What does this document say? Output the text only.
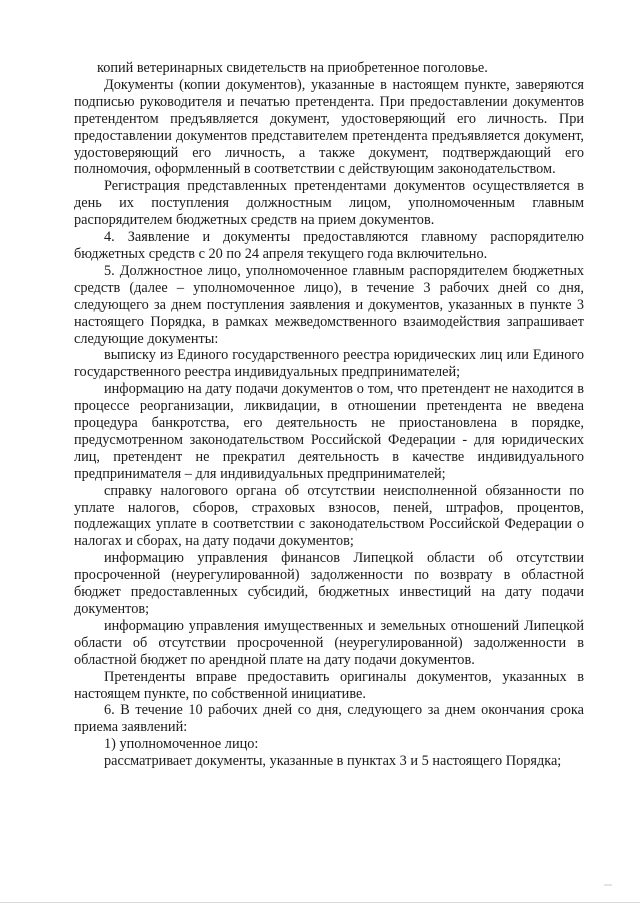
копий ветеринарных свидетельств на приобретенное поголовье.

Документы (копии документов), указанные в настоящем пункте, заверяются подписью руководителя и печатью претендента. При предоставлении документов претендентом предъявляется документ, удостоверяющий его личность. При предоставлении документов представителем претендента предъявляется документ, удостоверяющий его личность, а также документ, подтверждающий его полномочия, оформленный в соответствии с действующим законодательством.

Регистрация представленных претендентами документов осуществляется в день их поступления должностным лицом, уполномоченным главным распорядителем бюджетных средств на прием документов.

4. Заявление и документы предоставляются главному распорядителю бюджетных средств с 20 по 24 апреля текущего года включительно.

5. Должностное лицо, уполномоченное главным распорядителем бюджетных средств (далее – уполномоченное лицо), в течение 3 рабочих дней со дня, следующего за днем поступления заявления и документов, указанных в пункте 3 настоящего Порядка, в рамках межведомственного взаимодействия запрашивает следующие документы:

выписку из Единого государственного реестра юридических лиц или Единого государственного реестра индивидуальных предпринимателей;

информацию на дату подачи документов о том, что претендент не находится в процессе реорганизации, ликвидации, в отношении претендента не введена процедура банкротства, его деятельность не приостановлена в порядке, предусмотренном законодательством Российской Федерации - для юридических лиц, претендент не прекратил деятельность в качестве индивидуального предпринимателя – для индивидуальных предпринимателей;

справку налогового органа об отсутствии неисполненной обязанности по уплате налогов, сборов, страховых взносов, пеней, штрафов, процентов, подлежащих уплате в соответствии с законодательством Российской Федерации о налогах и сборах, на дату подачи документов;

информацию управления финансов Липецкой области об отсутствии просроченной (неурегулированной) задолженности по возврату в областной бюджет предоставленных субсидий, бюджетных инвестиций на дату подачи документов;

информацию управления имущественных и земельных отношений Липецкой области об отсутствии просроченной (неурегулированной) задолженности в областной бюджет по арендной плате на дату подачи документов.

Претенденты вправе предоставить оригиналы документов, указанных в настоящем пункте, по собственной инициативе.

6. В течение 10 рабочих дней со дня, следующего за днем окончания срока приема заявлений:

1) уполномоченное лицо:

рассматривает документы, указанные в пунктах 3 и 5 настоящего Порядка;
